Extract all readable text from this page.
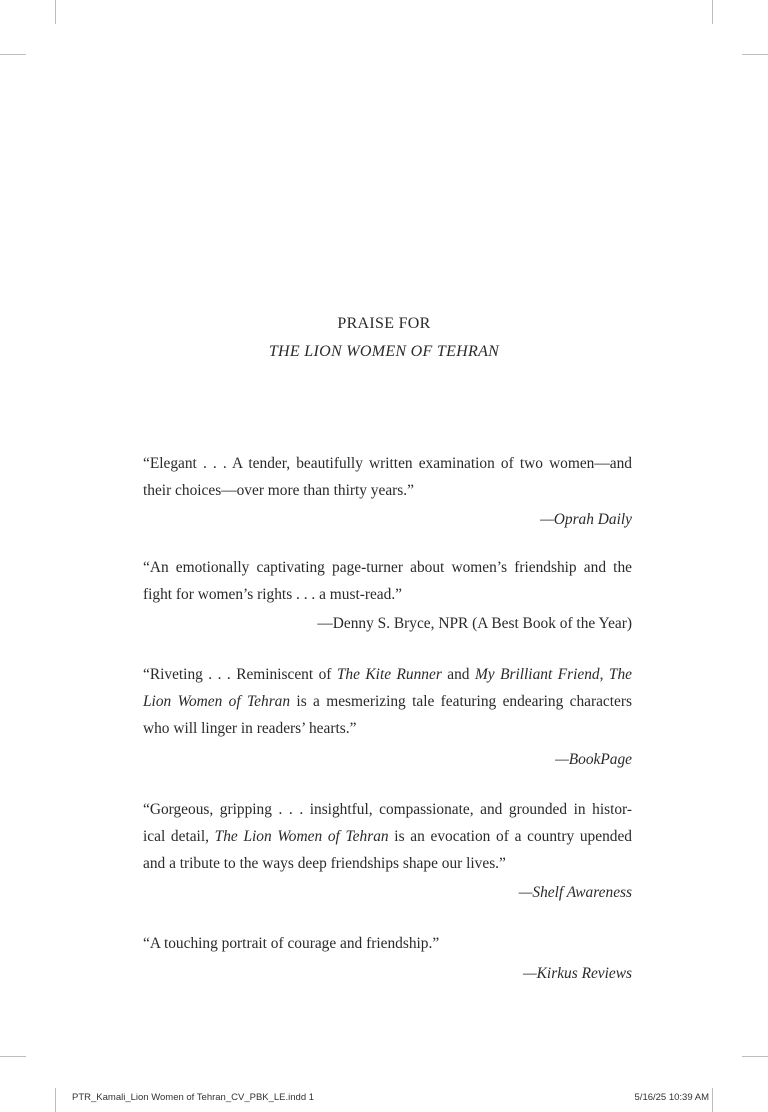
PRAISE FOR
THE LION WOMEN OF TEHRAN
“Elegant . . . A tender, beautifully written examination of two women—and
their choices—over more than thirty years.”
—Oprah Daily
“An emotionally captivating page-turner about women’s friendship and the
fight for women’s rights . . . a must-read.”
—Denny S. Bryce, NPR (A Best Book of the Year)
“Riveting . . . Reminiscent of The Kite Runner and My Brilliant Friend, The
Lion Women of Tehran is a mesmerizing tale featuring endearing characters
who will linger in readers’ hearts.”
—BookPage
“Gorgeous, gripping . . . insightful, compassionate, and grounded in histor-
ical detail, The Lion Women of Tehran is an evocation of a country upended
and a tribute to the ways deep friendships shape our lives.”
—Shelf Awareness
“A touching portrait of courage and friendship.”
—Kirkus Reviews
PTR_Kamali_Lion Women of Tehran_CV_PBK_LE.indd 1	5/16/25 10:39 AM
